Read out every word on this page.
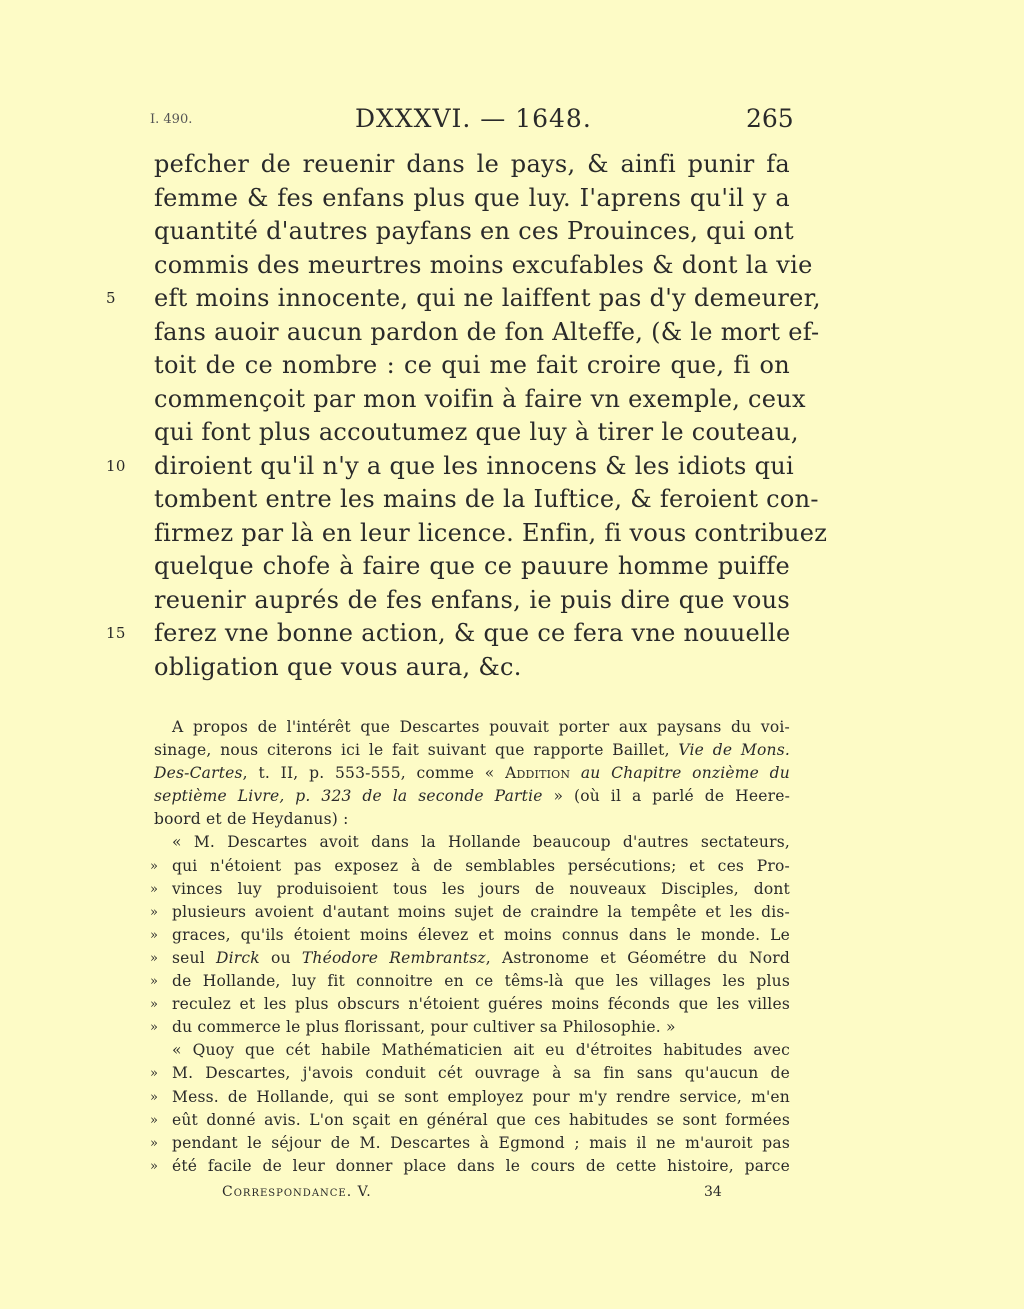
I. 490.	DXXXVI. — 1648.	265
pefcher de reuenir dans le pays, & ainfi punir fa
femme & fes enfans plus que luy. I'aprens qu'il y a
quantité d'autres payfans en ces Prouinces, qui ont
commis des meurtres moins excufables & dont la vie
eft moins innocente, qui ne laiffent pas d'y demeurer,
5
fans auoir aucun pardon de fon Alteffe, (& le mort ef-
toit de ce nombre : ce qui me fait croire que, fi on
commençoit par mon voifin à faire vn exemple, ceux
qui font plus accoutumez que luy à tirer le couteau,
diroient qu'il n'y a que les innocens & les idiots qui
10
tombent entre les mains de la Iuftice, & feroient con-
firmez par là en leur licence. Enfin, fi vous contribuez
quelque chofe à faire que ce pauure homme puiffe
reuenir auprés de fes enfans, ie puis dire que vous
ferez vne bonne action, & que ce fera vne nouuelle
15
obligation que vous aura, &c.
A propos de l'intérêt que Descartes pouvait porter aux paysans du voi-
sinage, nous citerons ici le fait suivant que rapporte Baillet, Vie de Mons.
Des-Cartes, t. II, p. 553-555, comme « Addition au Chapitre onzième du
septième Livre, p. 323 de la seconde Partie » (où il a parlé de Heere-
boord et de Heydanus) :
« M. Descartes avoit dans la Hollande beaucoup d'autres sectateurs,
» qui n'étoient pas exposez à de semblables persécutions; et ces Pro-
» vinces luy produisoient tous les jours de nouveaux Disciples, dont
» plusieurs avoient d'autant moins sujet de craindre la tempête et les dis-
» graces, qu'ils étoient moins élevez et moins connus dans le monde. Le
» seul Dirck ou Théodore Rembrantsz, Astronome et Géométre du Nord
» de Hollande, luy fit connoitre en ce têms-là que les villages les plus
» reculez et les plus obscurs n'étoient guéres moins féconds que les villes
» du commerce le plus florissant, pour cultiver sa Philosophie. »
« Quoy que cét habile Mathématicien ait eu d'étroites habitudes avec
» M. Descartes, j'avois conduit cét ouvrage à sa fin sans qu'aucun de
» Mess. de Hollande, qui se sont employez pour m'y rendre service, m'en
» eût donné avis. L'on sçait en général que ces habitudes se sont formées
» pendant le séjour de M. Descartes à Egmond ; mais il ne m'auroit pas
» été facile de leur donner place dans le cours de cette histoire, parce
Correspondance. V.	34
